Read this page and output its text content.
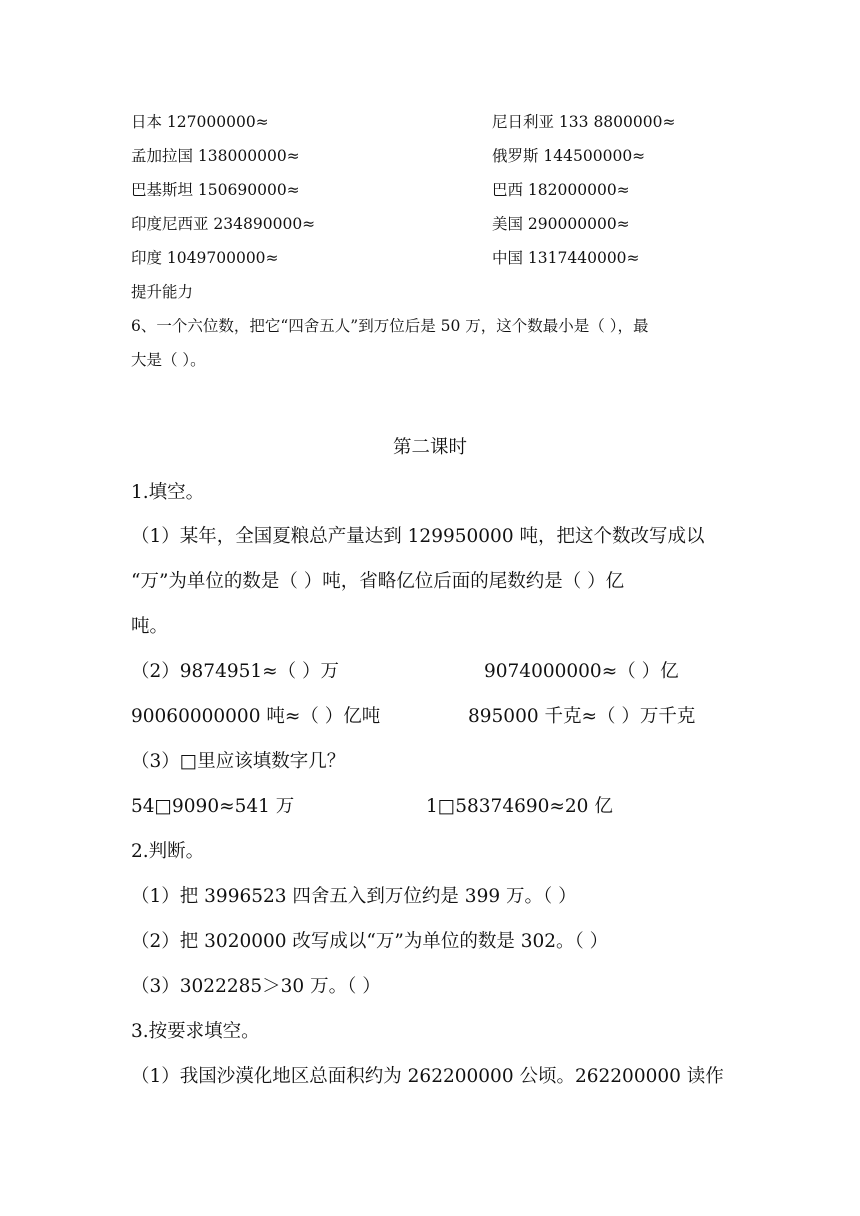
日本 127000000≈	尼日利亚 133 8800000≈
孟加拉国 138000000≈	俄罗斯 144500000≈
巴基斯坦 150690000≈	巴西 182000000≈
印度尼西亚 234890000≈	美国 290000000≈
印度 1049700000≈	中国 1317440000≈
提升能力
6、一个六位数，把它“四舍五人”到万位后是 50 万，这个数最小是（ ），最
大是（ ）。
第二课时
1.填空。
（1）某年，全国夏粮总产量达到 129950000 吨，把这个数改写成以
“万”为单位的数是（ ）吨，省略亿位后面的尾数约是（ ）亿
吨。
（2）9874951≈（ ）万	9074000000≈（ ）亿
90060000000 吨≈（ ）亿吨	895000 千克≈（ ）万千克
（3）□里应该填数字几？
54□9090≈541 万	1□58374690≈20 亿
2.判断。
（1）把 3996523 四舍五入到万位约是 399 万。（ ）
（2）把 3020000 改写成以“万”为单位的数是 302。（ ）
（3）3022285＞30 万。（ ）
3.按要求填空。
（1）我国沙漠化地区总面积约为 262200000 公顷。262200000 读作
